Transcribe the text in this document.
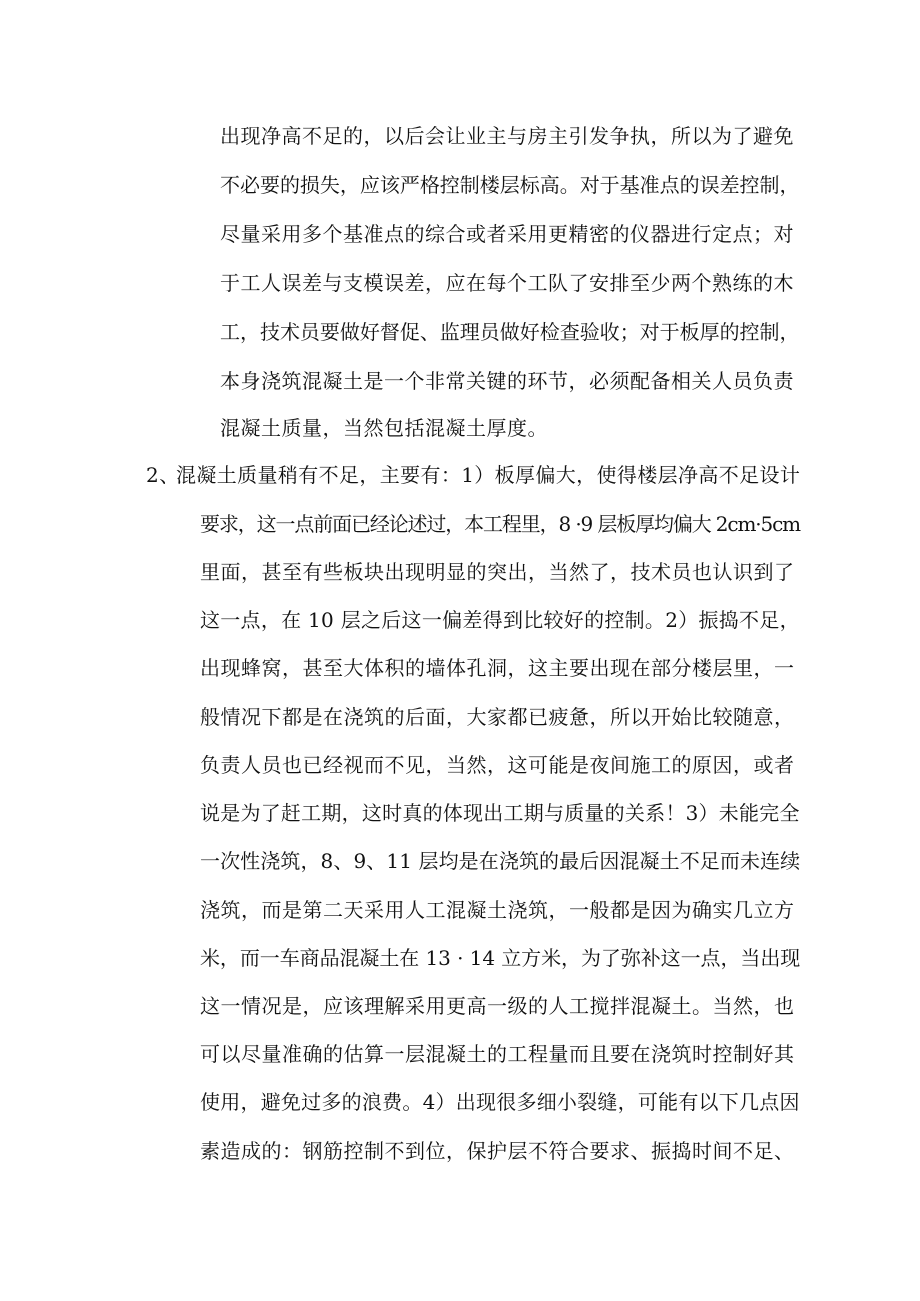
出现净高不足的，以后会让业主与房主引发争执，所以为了避免
不必要的损失，应该严格控制楼层标高。对于基准点的误差控制，
尽量采用多个基准点的综合或者采用更精密的仪器进行定点；对
于工人误差与支模误差，应在每个工队了安排至少两个熟练的木
工，技术员要做好督促、监理员做好检查验收；对于板厚的控制，
本身浇筑混凝土是一个非常关键的环节，必须配备相关人员负责
混凝土质量，当然包括混凝土厚度。
2、
混凝土质量稍有不足，主要有：1）板厚偏大，使得楼层净高不足设计
要求，这一点前面已经论述过，本工程里，8 ·9 层板厚均偏大 2cm·5cm
里面，甚至有些板块出现明显的突出，当然了，技术员也认识到了
这一点，在 10 层之后这一偏差得到比较好的控制。2）振捣不足，
出现蜂窝，甚至大体积的墙体孔洞，这主要出现在部分楼层里，一
般情况下都是在浇筑的后面，大家都已疲惫，所以开始比较随意，
负责人员也已经视而不见，当然，这可能是夜间施工的原因，或者
说是为了赶工期，这时真的体现出工期与质量的关系！3）未能完全
一次性浇筑，8、9、11 层均是在浇筑的最后因混凝土不足而未连续
浇筑，而是第二天采用人工混凝土浇筑，一般都是因为确实几立方
米，而一车商品混凝土在 13 · 14 立方米，为了弥补这一点，当出现
这一情况是，应该理解采用更高一级的人工搅拌混凝土。当然，也
可以尽量准确的估算一层混凝土的工程量而且要在浇筑时控制好其
使用，避免过多的浪费。4）出现很多细小裂缝，可能有以下几点因
素造成的：钢筋控制不到位，保护层不符合要求、振捣时间不足、
